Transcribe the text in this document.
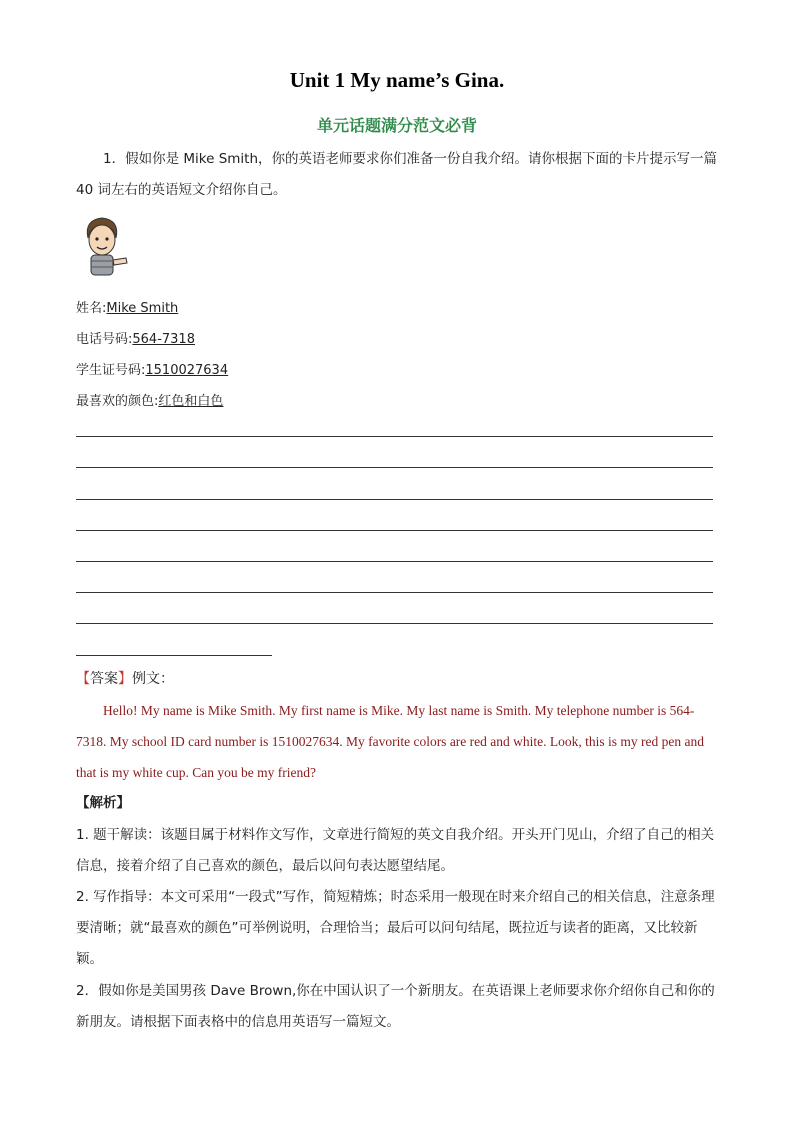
Unit 1 My name’s Gina.
单元话题满分范文必背
1．假如你是 Mike Smith，你的英语老师要求你们准备一份自我介绍。请你根据下面的卡片提示写一篇 40 词左右的英语短文介绍你自己。
姓名:Mike Smith
电话号码:564-7318
学生证号码:1510027634
最喜欢的颜色:红色和白色
【答案】例文：
Hello! My name is Mike Smith. My first name is Mike. My last name is Smith. My telephone number is 564-7318. My school ID card number is 1510027634. My favorite colors are red and white. Look, this is my red pen and that is my white cup. Can you be my friend?
【解析】
1. 题干解读：该题目属于材料作文写作，文章进行简短的英文自我介绍。开头开门见山，介绍了自己的相关信息，接着介绍了自己喜欢的颜色，最后以问句表达愿望结尾。
2. 写作指导：本文可采用“一段式”写作，简短精炼；时态采用一般现在时来介绍自己的相关信息，注意条理要清晰；就“最喜欢的颜色”可举例说明，合理恰当；最后可以问句结尾，既拉近与读者的距离，又比较新颖。
2．假如你是美国男孩 Dave Brown,你在中国认识了一个新朋友。在英语课上老师要求你介绍你自己和你的新朋友。请根据下面表格中的信息用英语写一篇短文。
